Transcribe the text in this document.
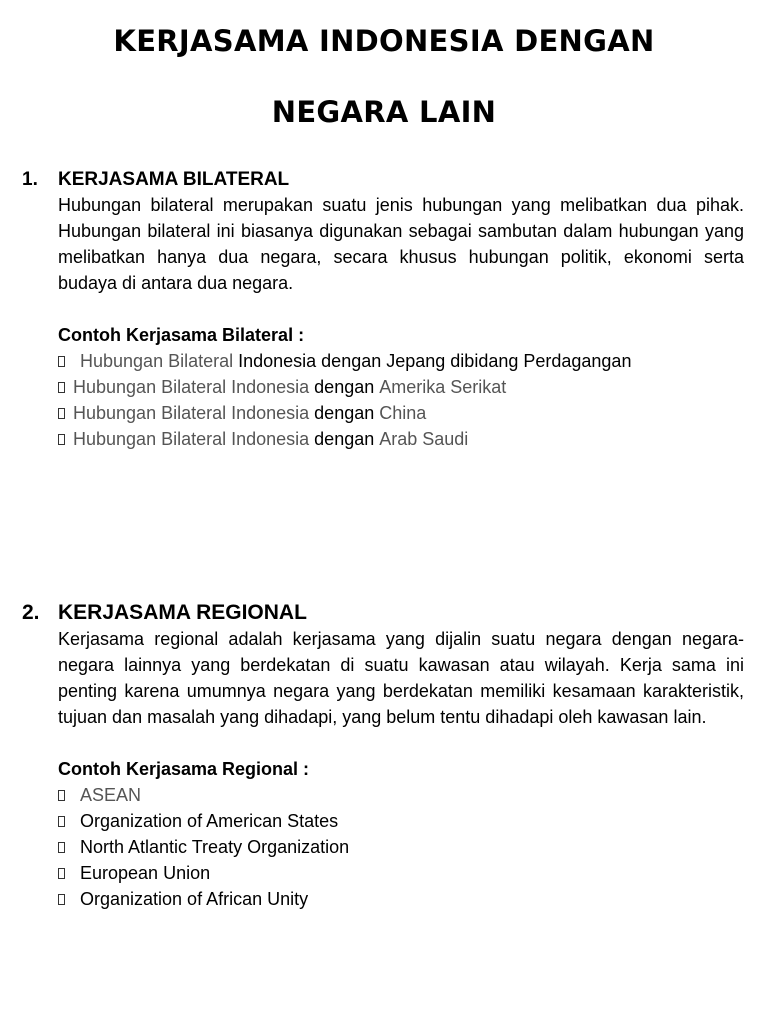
KERJASAMA INDONESIA DENGAN
NEGARA LAIN
1.	KERJASAMA BILATERAL
Hubungan bilateral merupakan suatu jenis hubungan yang melibatkan dua pihak. Hubungan bilateral ini biasanya digunakan sebagai sambutan dalam hubungan yang melibatkan hanya dua negara, secara khusus hubungan politik, ekonomi serta budaya di antara dua negara.
Contoh Kerjasama Bilateral :
Hubungan Bilateral Indonesia dengan Jepang dibidang Perdagangan
Hubungan Bilateral Indonesia dengan Amerika Serikat
Hubungan Bilateral Indonesia dengan China
Hubungan Bilateral Indonesia dengan Arab Saudi
2. KERJASAMA REGIONAL
Kerjasama regional adalah kerjasama yang dijalin suatu negara dengan negara-negara lainnya yang berdekatan di suatu kawasan atau wilayah. Kerja sama ini penting karena umumnya negara yang berdekatan memiliki kesamaan karakteristik, tujuan dan masalah yang dihadapi, yang belum tentu dihadapi oleh kawasan lain.
Contoh Kerjasama Regional :
ASEAN
Organization of American States
North Atlantic Treaty Organization
European Union
Organization of African Unity
